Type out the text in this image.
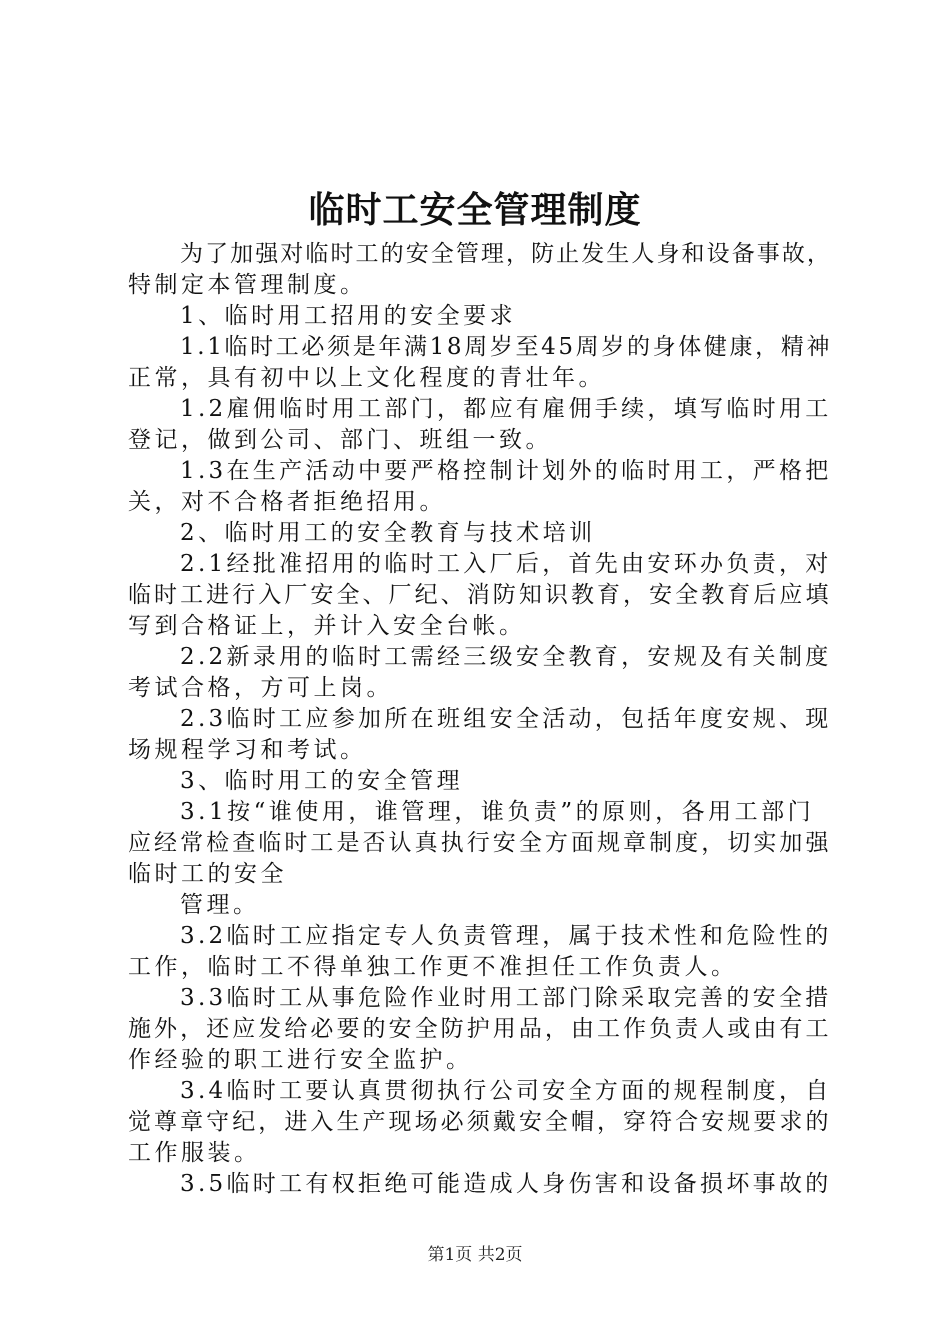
临时工安全管理制度
为了加强对临时工的安全管理，防止发生人身和设备事故，
特制定本管理制度。
1、临时用工招用的安全要求
1.1临时工必须是年满18周岁至45周岁的身体健康，精神
正常，具有初中以上文化程度的青壮年。
1.2雇佣临时用工部门，都应有雇佣手续，填写临时用工
登记，做到公司、部门、班组一致。
1.3在生产活动中要严格控制计划外的临时用工，严格把
关，对不合格者拒绝招用。
2、临时用工的安全教育与技术培训
2.1经批准招用的临时工入厂后，首先由安环办负责，对
临时工进行入厂安全、厂纪、消防知识教育，安全教育后应填
写到合格证上，并计入安全台帐。
2.2新录用的临时工需经三级安全教育，安规及有关制度
考试合格，方可上岗。
2.3临时工应参加所在班组安全活动，包括年度安规、现
场规程学习和考试。
3、临时用工的安全管理
3.1按“谁使用，谁管理，谁负责”的原则，各用工部门
应经常检查临时工是否认真执行安全方面规章制度，切实加强
临时工的安全
管理。
3.2临时工应指定专人负责管理，属于技术性和危险性的
工作，临时工不得单独工作更不准担任工作负责人。
3.3临时工从事危险作业时用工部门除采取完善的安全措
施外，还应发给必要的安全防护用品，由工作负责人或由有工
作经验的职工进行安全监护。
3.4临时工要认真贯彻执行公司安全方面的规程制度，自
觉尊章守纪，进入生产现场必须戴安全帽，穿符合安规要求的
工作服装。
3.5临时工有权拒绝可能造成人身伤害和设备损坏事故的
第1页 共2页
